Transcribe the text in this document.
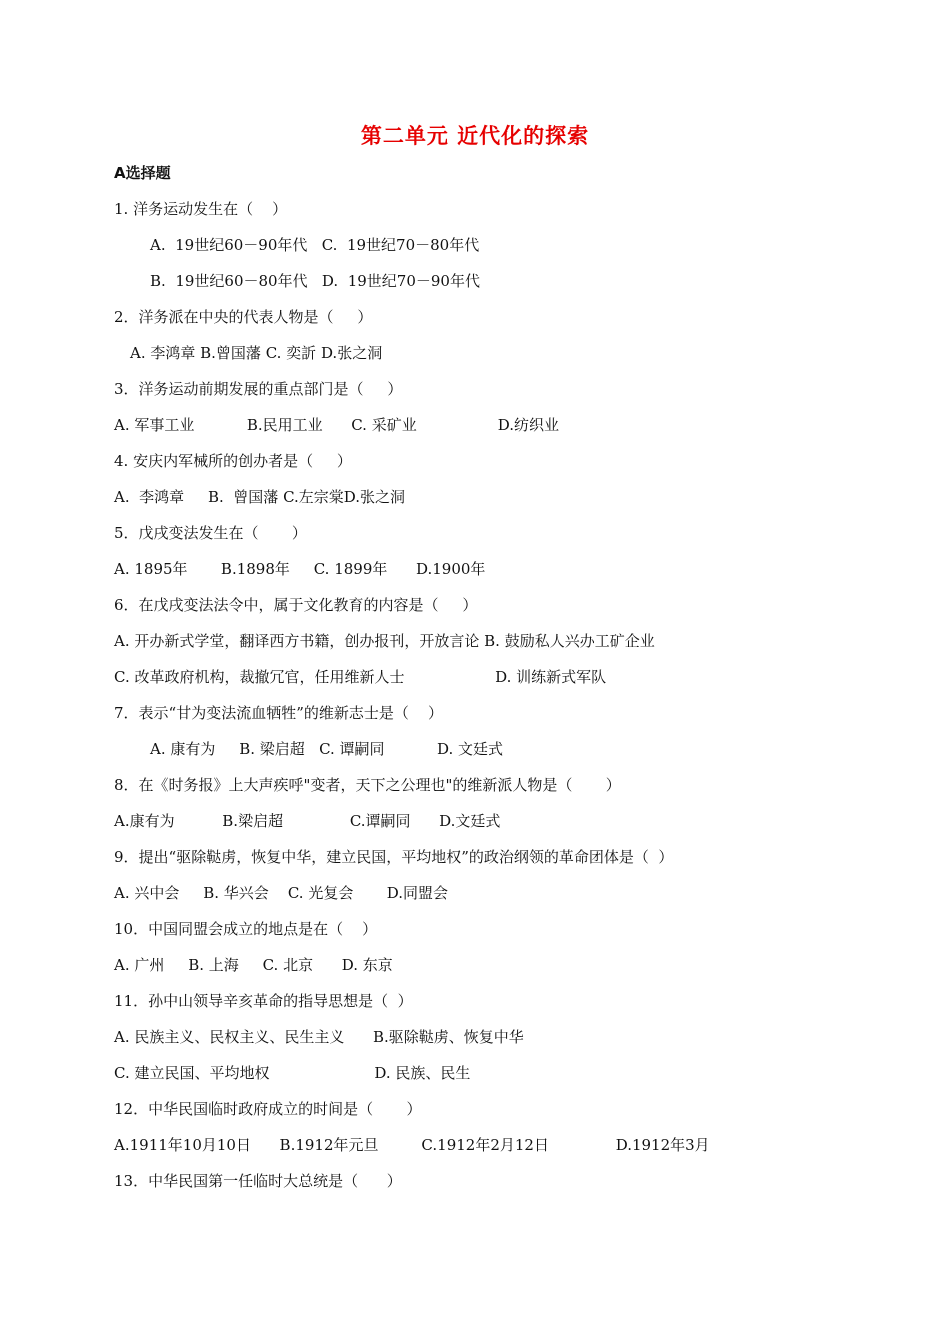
第二单元 近代化的探索
A选择题
1. 洋务运动发生在（    ）
A.  19世纪60－90年代   C.  19世纪70－80年代
B.  19世纪60－80年代   D.  19世纪70－90年代
2．洋务派在中央的代表人物是（     ）
A. 李鸿章 B.曾国藩 C. 奕訢 D.张之洞
3．洋务运动前期发展的重点部门是（     ）
A. 军事工业           B.民用工业      C. 采矿业                 D.纺织业
4. 安庆内军械所的创办者是（     ）
A.  李鸿章     B.  曾国藩 C.左宗棠D.张之洞
5．戊戌变法发生在（       ）
A. 1895年       B.1898年     C. 1899年      D.1900年
6．在戊戌变法法令中，属于文化教育的内容是（     ）
A. 开办新式学堂，翻译西方书籍，创办报刊，开放言论 B. 鼓励私人兴办工矿企业
C. 改革政府机构，裁撤冗官，任用维新人士                   D. 训练新式军队
7．表示“甘为变法流血牺牲”的维新志士是（    ）
A. 康有为     B. 梁启超   C. 谭嗣同           D. 文廷式
8．在《时务报》上大声疾呼"变者，天下之公理也"的维新派人物是（       ）
A.康有为          B.梁启超              C.谭嗣同      D.文廷式
9．提出“驱除鞑虏，恢复中华，建立民国，平均地权”的政治纲领的革命团体是（  ）
A. 兴中会     B. 华兴会    C. 光复会       D.同盟会
10．中国同盟会成立的地点是在（    ）
A. 广州     B. 上海     C. 北京      D. 东京
11．孙中山领导辛亥革命的指导思想是（  ）
A. 民族主义、民权主义、民生主义      B.驱除鞑虏、恢复中华
C. 建立民国、平均地权                      D. 民族、民生
12．中华民国临时政府成立的时间是（       ）
A.1911年10月10日      B.1912年元旦         C.1912年2月12日              D.1912年3月
13．中华民国第一任临时大总统是（      ）
